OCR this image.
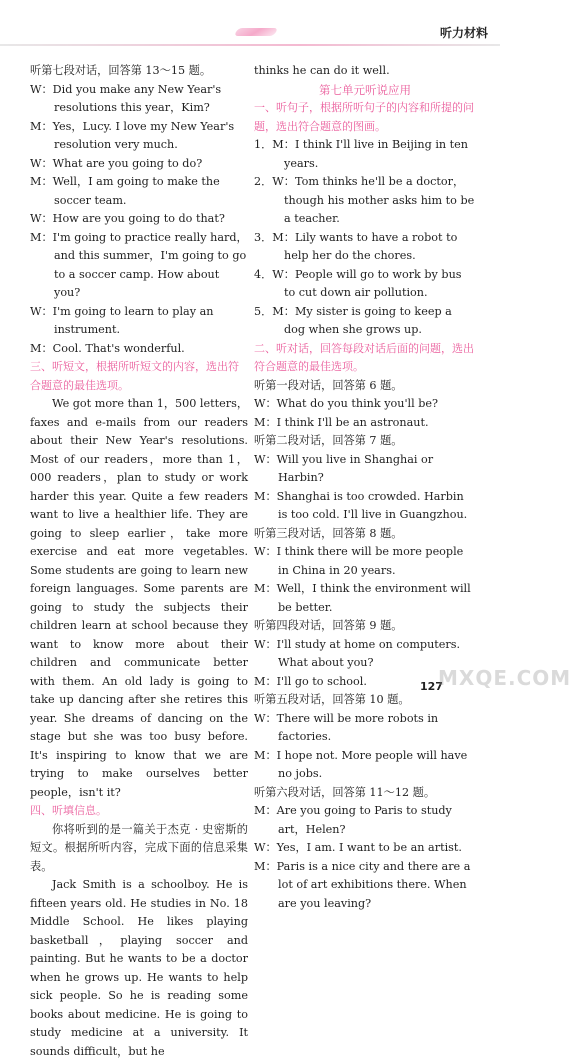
听力材料

听第七段对话，回答第 13～15 题。

W：Did you make any New Year's resolutions this year，Kim?

M：Yes，Lucy. I love my New Year's resolution very much.

W：What are you going to do?

M：Well，I am going to make the soccer team.

W：How are you going to do that?

M：I'm going to practice really hard，and this summer，I'm going to go to a soccer camp. How about you?

W：I'm going to learn to play an instrument.

M：Cool. That's wonderful.

三、听短文，根据所听短文的内容，选出符合题意的最佳选项。

We got more than 1，500 letters，faxes and e-mails from our readers about their New Year's resolutions. Most of our readers，more than 1，000 readers，plan to study or work harder this year. Quite a few readers want to live a healthier life. They are going to sleep earlier，take more exercise and eat more vegetables. Some students are going to learn new foreign languages. Some parents are going to study the subjects their children learn at school because they want to know more about their children and communicate better with them. An old lady is going to take up dancing after she retires this year. She dreams of dancing on the stage but she was too busy before. It's inspiring to know that we are trying to make ourselves better people，isn't it?

四、听填信息。

你将听到的是一篇关于杰克 · 史密斯的短文。根据所听内容，完成下面的信息采集表。

Jack Smith is a schoolboy. He is fifteen years old. He studies in No. 18 Middle School. He likes playing basketball，playing soccer and painting. But he wants to be a doctor when he grows up. He wants to help sick people. So he is reading some books about medicine. He is going to study medicine at a university. It sounds difficult，but he

thinks he can do it well.

第七单元听说应用

一、听句子，根据所听句子的内容和所提的问题，选出符合题意的图画。

1．M：I think I'll live in Beijing in ten years.

2．W：Tom thinks he'll be a doctor，though his mother asks him to be a teacher.

3．M：Lily wants to have a robot to help her do the chores.

4．W：People will go to work by bus to cut down air pollution.

5．M：My sister is going to keep a dog when she grows up.

二、听对话，回答每段对话后面的问题，选出符合题意的最佳选项。

听第一段对话，回答第 6 题。

W：What do you think you'll be?

M：I think I'll be an astronaut.

听第二段对话，回答第 7 题。

W：Will you live in Shanghai or Harbin?

M：Shanghai is too crowded. Harbin is too cold. I'll live in Guangzhou.

听第三段对话，回答第 8 题。

W：I think there will be more people in China in 20 years.

M：Well，I think the environment will be better.

听第四段对话，回答第 9 题。

W：I'll study at home on computers. What about you?

M：I'll go to school.

听第五段对话，回答第 10 题。

W：There will be more robots in factories.

M：I hope not. More people will have no jobs.

听第六段对话，回答第 11～12 题。

M：Are you going to Paris to study art，Helen?

W：Yes，I am. I want to be an artist.

M：Paris is a nice city and there are a lot of art exhibitions there. When are you leaving?

127
MXQE.COM
